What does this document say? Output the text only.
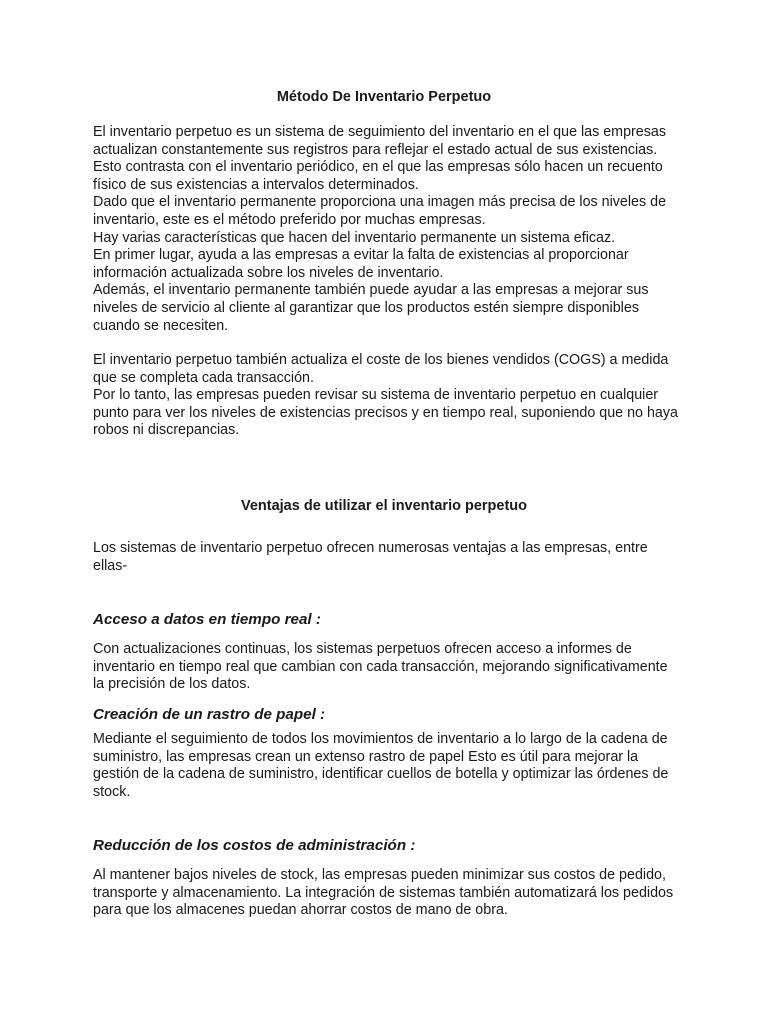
Método De Inventario Perpetuo
El inventario perpetuo es un sistema de seguimiento del inventario en el que las empresas
actualizan constantemente sus registros para reflejar el estado actual de sus existencias.
Esto contrasta con el inventario periódico, en el que las empresas sólo hacen un recuento
físico de sus existencias a intervalos determinados.
Dado que el inventario permanente proporciona una imagen más precisa de los niveles de
inventario, este es el método preferido por muchas empresas.
Hay varias características que hacen del inventario permanente un sistema eficaz.
En primer lugar, ayuda a las empresas a evitar la falta de existencias al proporcionar
información actualizada sobre los niveles de inventario.
Además, el inventario permanente también puede ayudar a las empresas a mejorar sus
niveles de servicio al cliente al garantizar que los productos estén siempre disponibles
cuando se necesiten.
El inventario perpetuo también actualiza el coste de los bienes vendidos (COGS) a medida
que se completa cada transacción.
Por lo tanto, las empresas pueden revisar su sistema de inventario perpetuo en cualquier
punto para ver los niveles de existencias precisos y en tiempo real, suponiendo que no haya
robos ni discrepancias.
Ventajas de utilizar el inventario perpetuo
Los sistemas de inventario perpetuo ofrecen numerosas ventajas a las empresas, entre
ellas-
Acceso a datos en tiempo real :
Con actualizaciones continuas, los sistemas perpetuos ofrecen acceso a informes de
inventario en tiempo real que cambian con cada transacción, mejorando significativamente
la precisión de los datos.
Creación de un rastro de papel :
Mediante el seguimiento de todos los movimientos de inventario a lo largo de la cadena de
suministro, las empresas crean un extenso rastro de papel Esto es útil para mejorar la
gestión de la cadena de suministro, identificar cuellos de botella y optimizar las órdenes de
stock.
Reducción de los costos de administración :
Al mantener bajos niveles de stock, las empresas pueden minimizar sus costos de pedido,
transporte y almacenamiento. La integración de sistemas también automatizará los pedidos
para que los almacenes puedan ahorrar costos de mano de obra.
